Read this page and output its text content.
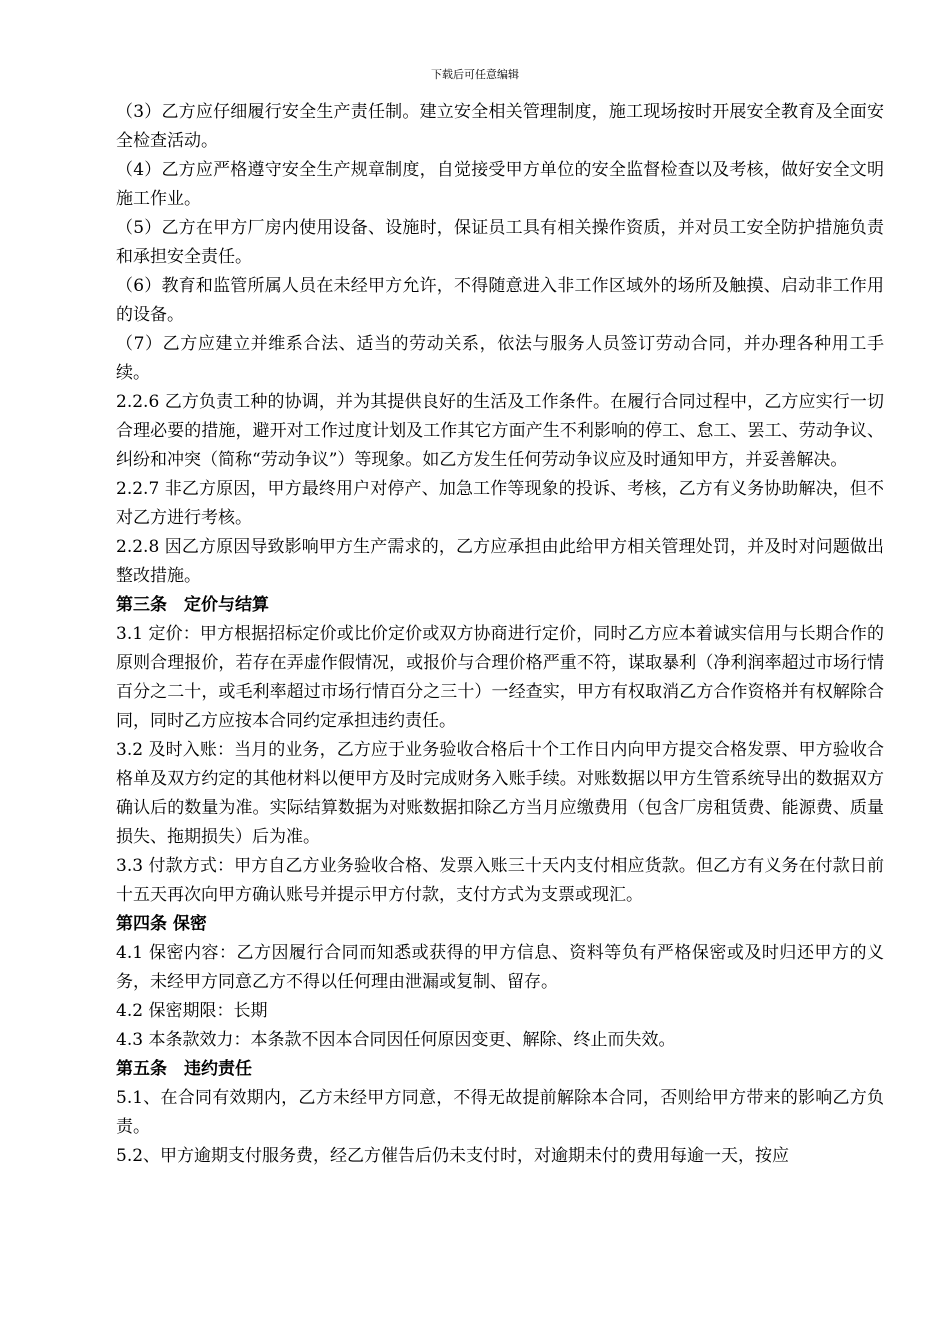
下载后可任意编辑

（3）乙方应仔细履行安全生产责任制。建立安全相关管理制度，施工现场按时开展安全教育及全面安全检查活动。

（4）乙方应严格遵守安全生产规章制度，自觉接受甲方单位的安全监督检查以及考核，做好安全文明施工作业。

（5）乙方在甲方厂房内使用设备、设施时，保证员工具有相关操作资质，并对员工安全防护措施负责和承担安全责任。

（6）教育和监管所属人员在未经甲方允许，不得随意进入非工作区域外的场所及触摸、启动非工作用的设备。

（7）乙方应建立并维系合法、适当的劳动关系，依法与服务人员签订劳动合同，并办理各种用工手续。

2.2.6 乙方负责工种的协调，并为其提供良好的生活及工作条件。在履行合同过程中，乙方应实行一切合理必要的措施，避开对工作过度计划及工作其它方面产生不利影响的停工、怠工、罢工、劳动争议、纠纷和冲突（简称“劳动争议”）等现象。如乙方发生任何劳动争议应及时通知甲方，并妥善解决。

2.2.7 非乙方原因，甲方最终用户对停产、加急工作等现象的投诉、考核，乙方有义务协助解决，但不对乙方进行考核。

2.2.8 因乙方原因导致影响甲方生产需求的，乙方应承担由此给甲方相关管理处罚，并及时对问题做出整改措施。

第三条　定价与结算

3.1 定价：甲方根据招标定价或比价定价或双方协商进行定价，同时乙方应本着诚实信用与长期合作的原则合理报价，若存在弄虚作假情况，或报价与合理价格严重不符，谋取暴利（净利润率超过市场行情百分之二十，或毛利率超过市场行情百分之三十）一经查实，甲方有权取消乙方合作资格并有权解除合同，同时乙方应按本合同约定承担违约责任。

3.2 及时入账：当月的业务，乙方应于业务验收合格后十个工作日内向甲方提交合格发票、甲方验收合格单及双方约定的其他材料以便甲方及时完成财务入账手续。对账数据以甲方生管系统导出的数据双方确认后的数量为准。实际结算数据为对账数据扣除乙方当月应缴费用（包含厂房租赁费、能源费、质量损失、拖期损失）后为准。

3.3 付款方式：甲方自乙方业务验收合格、发票入账三十天内支付相应货款。但乙方有义务在付款日前十五天再次向甲方确认账号并提示甲方付款，支付方式为支票或现汇。

第四条 保密

4.1 保密内容：乙方因履行合同而知悉或获得的甲方信息、资料等负有严格保密或及时归还甲方的义务，未经甲方同意乙方不得以任何理由泄漏或复制、留存。

4.2 保密期限：长期

4.3 本条款效力：本条款不因本合同因任何原因变更、解除、终止而失效。

第五条　违约责任

5.1、在合同有效期内，乙方未经甲方同意，不得无故提前解除本合同，否则给甲方带来的影响乙方负责。

5.2、甲方逾期支付服务费，经乙方催告后仍未支付时，对逾期未付的费用每逾一天，按应
